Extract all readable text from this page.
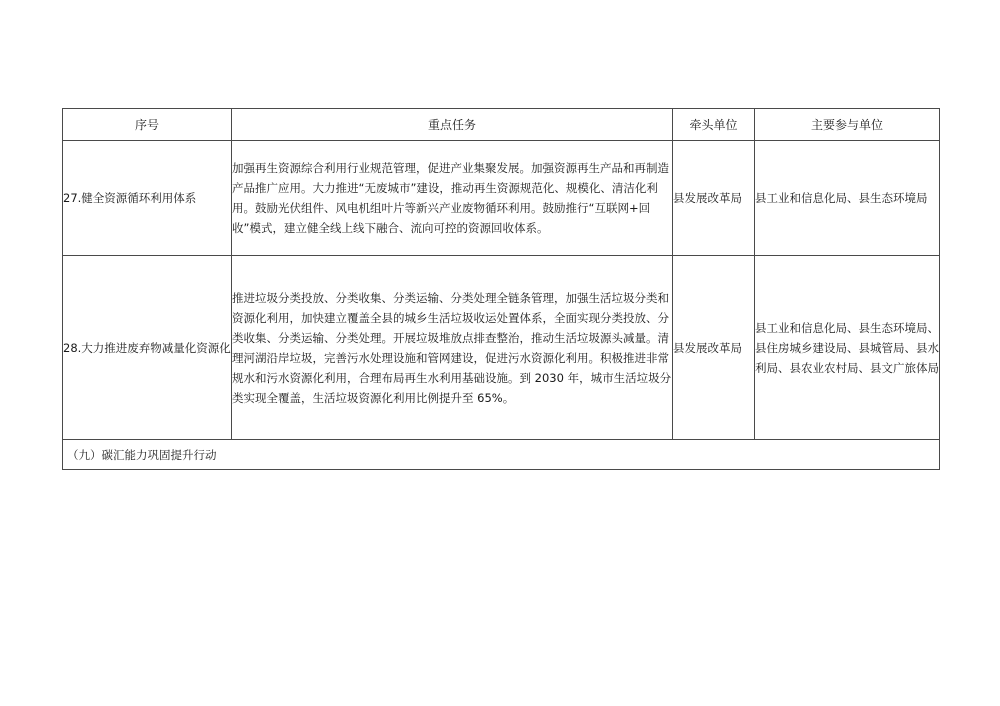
序号	重点任务	牵头单位	主要参与单位
27.健全资源循环利用体系	加强再生资源综合利用行业规范管理，促进产业集聚发展。加强资源再生产品和再制造产品推广应用。大力推进“无废城市”建设，推动再生资源规范化、规模化、清洁化利用。鼓励光伏组件、风电机组叶片等新兴产业废物循环利用。鼓励推行“互联网+回收”模式，建立健全线上线下融合、流向可控的资源回收体系。	县发展改革局	县工业和信息化局、县生态环境局
28.大力推进废弃物减量化资源化	推进垃圾分类投放、分类收集、分类运输、分类处理全链条管理，加强生活垃圾分类和资源化利用，加快建立覆盖全县的城乡生活垃圾收运处置体系，全面实现分类投放、分类收集、分类运输、分类处理。开展垃圾堆放点排查整治，推动生活垃圾源头减量。清理河湖沿岸垃圾，完善污水处理设施和管网建设，促进污水资源化利用。积极推进非常规水和污水资源化利用，合理布局再生水利用基础设施。到 2030 年，城市生活垃圾分类实现全覆盖，生活垃圾资源化利用比例提升至 65%。	县发展改革局	县工业和信息化局、县生态环境局、县住房城乡建设局、县城管局、县水利局、县农业农村局、县文广旅体局
（九）碳汇能力巩固提升行动			
